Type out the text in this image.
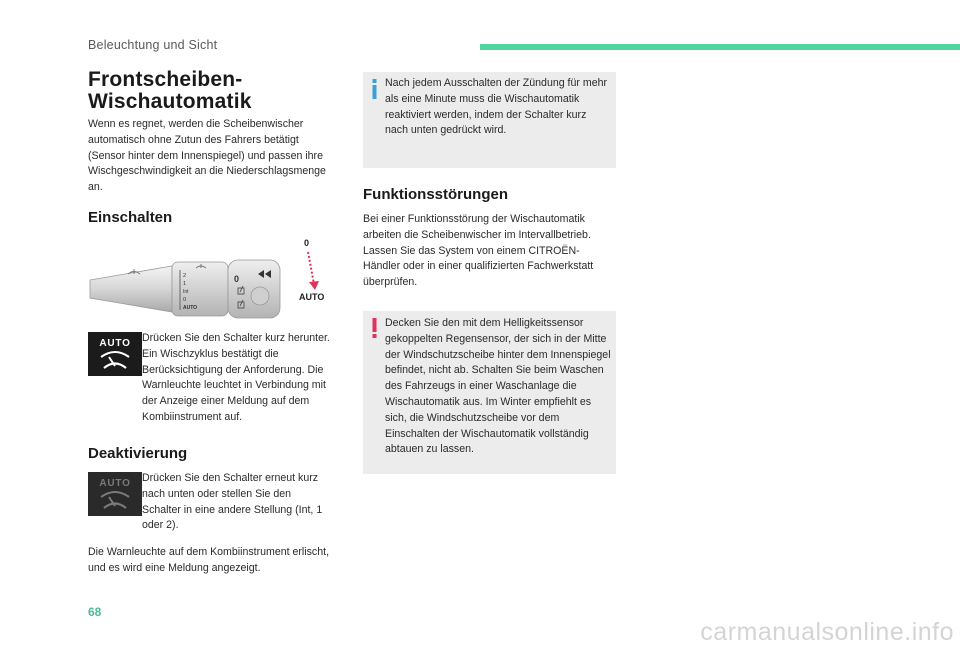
Beleuchtung und Sicht
Frontscheiben-
Wischautomatik

Wenn es regnet, werden die Scheibenwischer automatisch ohne Zutun des Fahrers betätigt (Sensor hinter dem Innenspiegel) und passen ihre Wischgeschwindigkeit an die Niederschlagsmenge an.

Einschalten
2
1
Int
0
AUTO
0
0
AUTO
AUTO Drücken Sie den Schalter kurz herunter. Ein Wischzyklus bestätigt die Berücksichtigung der Anforderung. Die Warnleuchte leuchtet in Verbindung mit der Anzeige einer Meldung auf dem Kombiinstrument auf.

Deaktivierung
AUTO Drücken Sie den Schalter erneut kurz nach unten oder stellen Sie den Schalter in eine andere Stellung (Int, 1 oder 2).

Die Warnleuchte auf dem Kombiinstrument erlischt, und es wird eine Meldung angezeigt.

Nach jedem Ausschalten der Zündung für mehr als eine Minute muss die Wischautomatik reaktiviert werden, indem der Schalter kurz nach unten gedrückt wird.

Funktionsstörungen

Bei einer Funktionsstörung der Wischautomatik arbeiten die Scheibenwischer im Intervallbetrieb. Lassen Sie das System von einem CITROËN-Händler oder in einer qualifizierten Fachwerkstatt überprüfen.

Decken Sie den mit dem Helligkeitssensor gekoppelten Regensensor, der sich in der Mitte der Windschutzscheibe hinter dem Innenspiegel befindet, nicht ab. Schalten Sie beim Waschen des Fahrzeugs in einer Waschanlage die Wischautomatik aus. Im Winter empfiehlt es sich, die Windschutzscheibe vor dem Einschalten der Wischautomatik vollständig abtauen zu lassen.

68
carmanualsonline.info
